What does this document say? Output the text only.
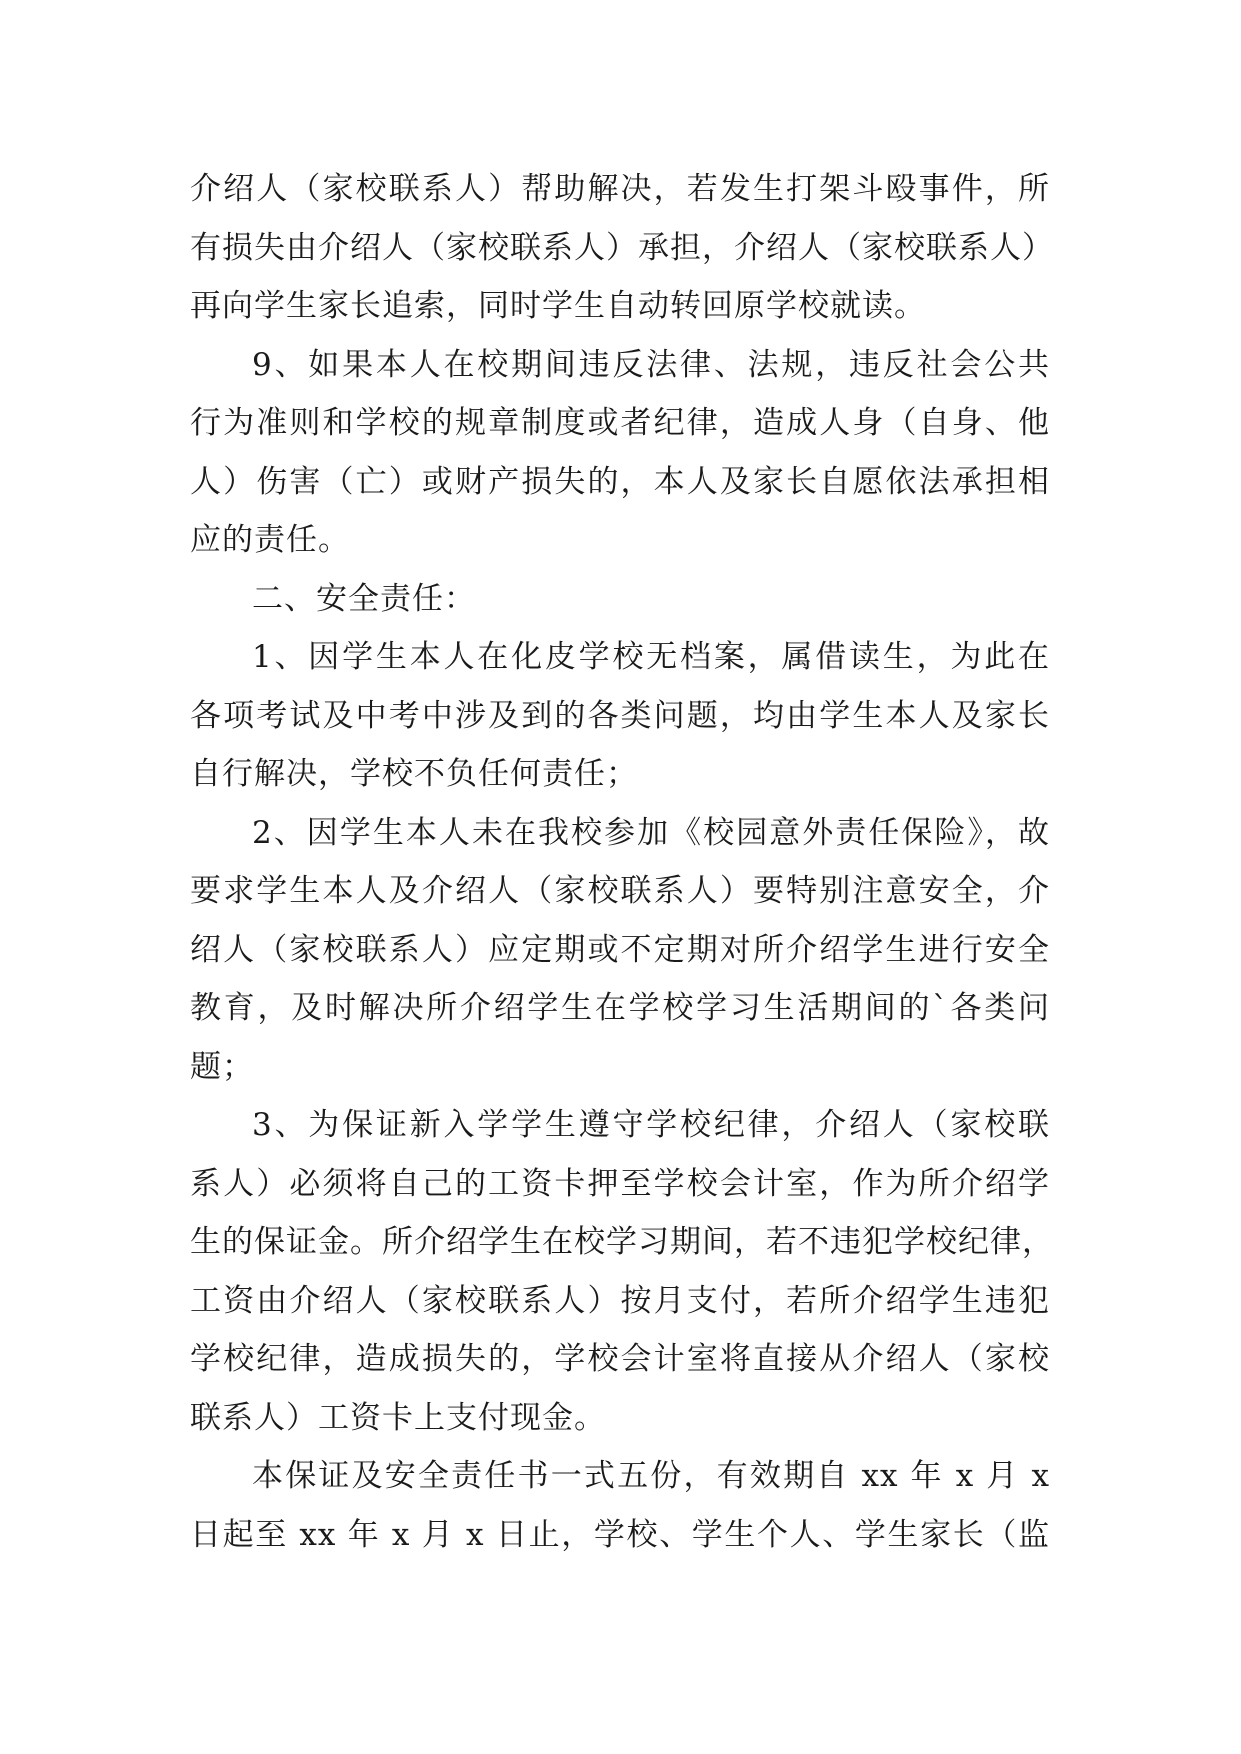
介绍人（家校联系人）帮助解决，若发生打架斗殴事件，所
有损失由介绍人（家校联系人）承担，介绍人（家校联系人）
再向学生家长追索，同时学生自动转回原学校就读。
9、如果本人在校期间违反法律、法规，违反社会公共
行为准则和学校的规章制度或者纪律，造成人身（自身、他
人）伤害（亡）或财产损失的，本人及家长自愿依法承担相
应的责任。
二、安全责任：
1、因学生本人在化皮学校无档案，属借读生，为此在
各项考试及中考中涉及到的各类问题，均由学生本人及家长
自行解决，学校不负任何责任；
2、因学生本人未在我校参加《校园意外责任保险》，故
要求学生本人及介绍人（家校联系人）要特别注意安全，介
绍人（家校联系人）应定期或不定期对所介绍学生进行安全
教育，及时解决所介绍学生在学校学习生活期间的`各类问
题；
3、为保证新入学学生遵守学校纪律，介绍人（家校联
系人）必须将自己的工资卡押至学校会计室，作为所介绍学
生的保证金。所介绍学生在校学习期间，若不违犯学校纪律，
工资由介绍人（家校联系人）按月支付，若所介绍学生违犯
学校纪律，造成损失的，学校会计室将直接从介绍人（家校
联系人）工资卡上支付现金。
本保证及安全责任书一式五份，有效期自 xx 年 x 月 x
日起至 xx 年 x 月 x 日止，学校、学生个人、学生家长（监
